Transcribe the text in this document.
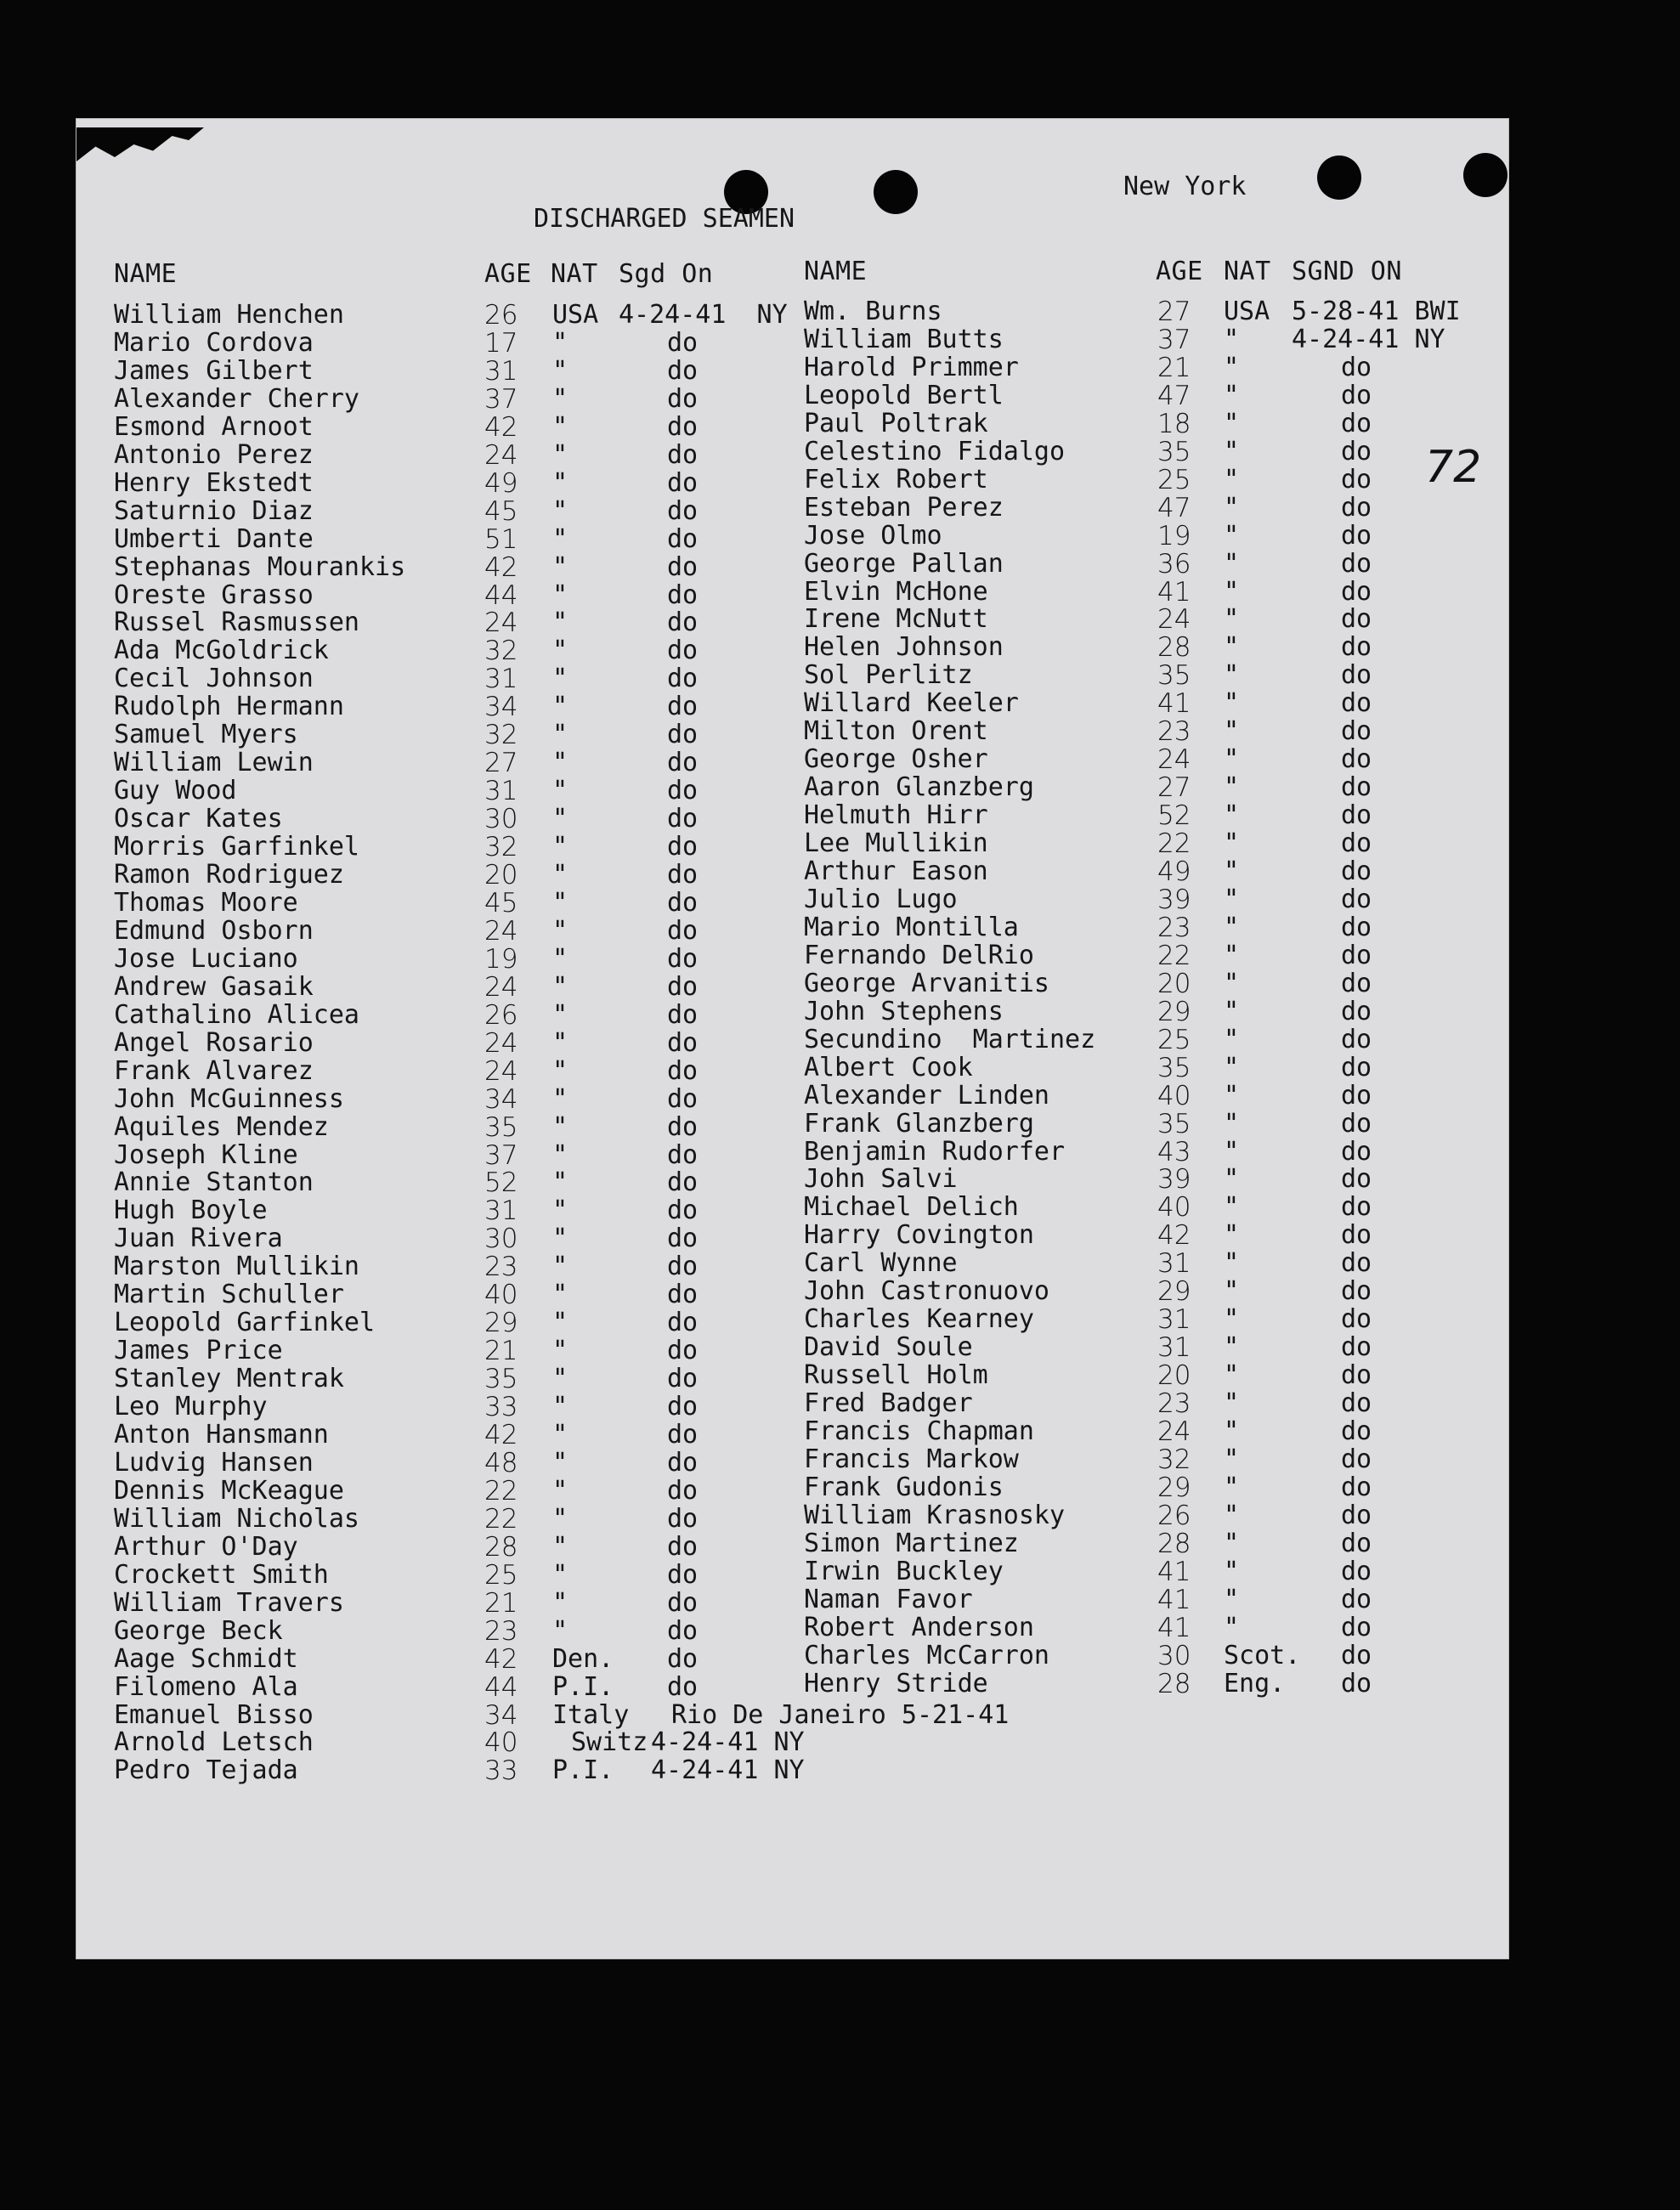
New York
DISCHARGED SEAMEN
72
NAME	AGE NAT Sgd On	NAME	AGE NAT SGND ON
William Henchen	26 USA 4-24-41  NY
Mario Cordova	17 "	do
James Gilbert	31 "	do
Alexander Cherry	37 "	do
Esmond Arnoot	42 "	do
Antonio Perez	24 "	do
Henry Ekstedt	49 "	do
Saturnio Diaz	45 "	do
Umberti Dante	51 "	do
Stephanas Mourankis	42 "	do
Oreste Grasso	44 "	do
Russel Rasmussen	24 "	do
Ada McGoldrick	32 "	do
Cecil Johnson	31 "	do
Rudolph Hermann	34 "	do
Samuel Myers	32 "	do
William Lewin	27 "	do
Guy Wood	31 "	do
Oscar Kates	30 "	do
Morris Garfinkel	32 "	do
Ramon Rodriguez	20 "	do
Thomas Moore	45 "	do
Edmund Osborn	24 "	do
Jose Luciano	19 "	do
Andrew Gasaik	24 "	do
Cathalino Alicea	26 "	do
Angel Rosario	24 "	do
Frank Alvarez	24 "	do
John McGuinness	34 "	do
Aquiles Mendez	35 "	do
Joseph Kline	37 "	do
Annie Stanton	52 "	do
Hugh Boyle	31 "	do
Juan Rivera	30 "	do
Marston Mullikin	23 "	do
Martin Schuller	40 "	do
Leopold Garfinkel	29 "	do
James Price	21 "	do
Stanley Mentrak	35 "	do
Leo Murphy	33 "	do
Anton Hansmann	42 "	do
Ludvig Hansen	48 "	do
Dennis McKeague	22 "	do
William Nicholas	22 "	do
Arthur O'Day	28 "	do
Crockett Smith	25 "	do
William Travers	21 "	do
George Beck	23 "	do
Aage Schmidt	42 Den. do
Filomeno Ala	44 P.I. do
Emanuel Bisso	34 Italy Rio De Janeiro 5-21-41
Arnold Letsch	40 Switz 4-24-41 NY
Pedro Tejada	33 P.I. 4-24-41 NY
Wm. Burns	27 USA 5-28-41 BWI
William Butts	37 " 4-24-41 NY
Harold Primmer	21 "	do
Leopold Bertl	47 "	do
Paul Poltrak	18 "	do
Celestino Fidalgo	35 "	do
Felix Robert	25 "	do
Esteban Perez	47 "	do
Jose Olmo	19 "	do
George Pallan	36 "	do
Elvin McHone	41 "	do
Irene McNutt	24 "	do
Helen Johnson	28 "	do
Sol Perlitz	35 "	do
Willard Keeler	41 "	do
Milton Orent	23 "	do
George Osher	24 "	do
Aaron Glanzberg	27 "	do
Helmuth Hirr	52 "	do
Lee Mullikin	22 "	do
Arthur Eason	49 "	do
Julio Lugo	39 "	do
Mario Montilla	23 "	do
Fernando DelRio	22 "	do
George Arvanitis	20 "	do
John Stephens	29 "	do
Secundino  Martinez 25 "	do
Albert Cook	35 "	do
Alexander Linden	40 "	do
Frank Glanzberg	35 "	do
Benjamin Rudorfer	43 "	do
John Salvi	39 "	do
Michael Delich	40 "	do
Harry Covington	42 "	do
Carl Wynne	31 "	do
John Castronuovo	29 "	do
Charles Kearney	31 "	do
David Soule	31 "	do
Russell Holm	20 "	do
Fred Badger	23 "	do
Francis Chapman	24 "	do
Francis Markow	32 "	do
Frank Gudonis	29 "	do
William Krasnosky	26 "	do
Simon Martinez	28 "	do
Irwin Buckley	41 "	do
Naman Favor	41 "	do
Robert Anderson	41 "	do
Charles McCarron	30 Scot. do
Henry Stride	28 Eng. do
